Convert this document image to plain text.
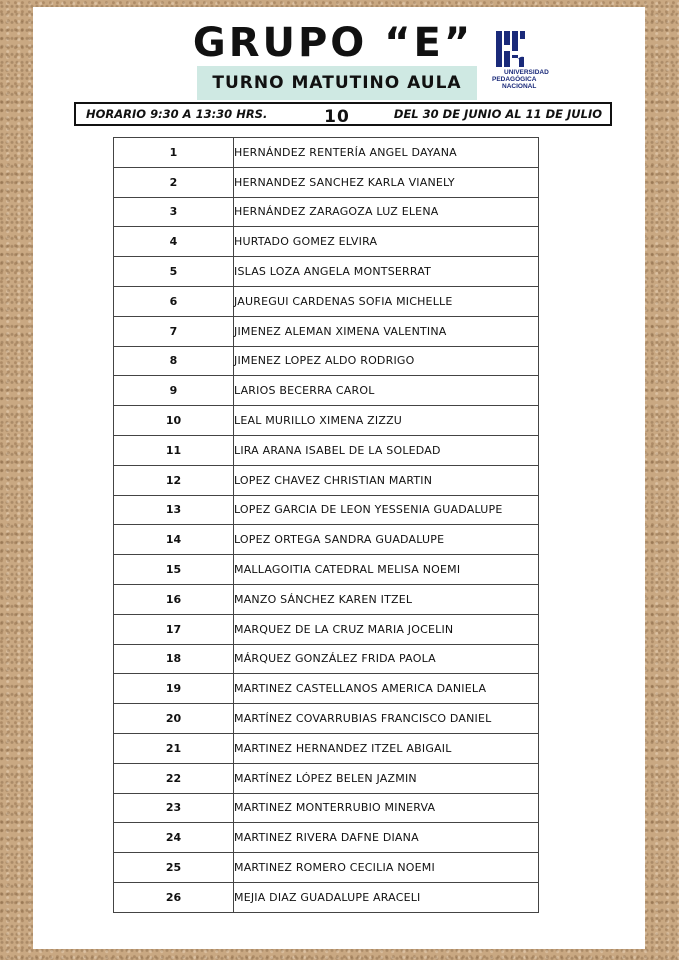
GRUPO “E”
TURNO MATUTINO AULA 10
UNIVERSIDAD
PEDAGÓGICA
NACIONAL
HORARIO 9:30 A 13:30 HRS.	DEL 30 DE JUNIO AL 11 DE JULIO
1	HERNÁNDEZ RENTERÍA ANGEL DAYANA
2	HERNANDEZ SANCHEZ KARLA VIANELY
3	HERNÁNDEZ ZARAGOZA LUZ ELENA
4	HURTADO GOMEZ ELVIRA
5	ISLAS LOZA ANGELA MONTSERRAT
6	JAUREGUI CARDENAS SOFIA MICHELLE
7	JIMENEZ ALEMAN XIMENA VALENTINA
8	JIMENEZ LOPEZ ALDO RODRIGO
9	LARIOS BECERRA CAROL
10	LEAL MURILLO XIMENA ZIZZU
11	LIRA ARANA ISABEL DE LA SOLEDAD
12	LOPEZ CHAVEZ CHRISTIAN MARTIN
13	LOPEZ GARCIA DE LEON YESSENIA GUADALUPE
14	LOPEZ ORTEGA SANDRA GUADALUPE
15	MALLAGOITIA CATEDRAL MELISA NOEMI
16	MANZO SÁNCHEZ KAREN ITZEL
17	MARQUEZ DE LA CRUZ MARIA JOCELIN
18	MÁRQUEZ GONZÁLEZ FRIDA PAOLA
19	MARTINEZ CASTELLANOS AMERICA DANIELA
20	MARTÍNEZ COVARRUBIAS FRANCISCO DANIEL
21	MARTINEZ HERNANDEZ ITZEL ABIGAIL
22	MARTÍNEZ LÓPEZ BELEN JAZMIN
23	MARTINEZ MONTERRUBIO MINERVA
24	MARTINEZ RIVERA DAFNE DIANA
25	MARTINEZ ROMERO CECILIA NOEMI
26	MEJIA DIAZ GUADALUPE ARACELI
